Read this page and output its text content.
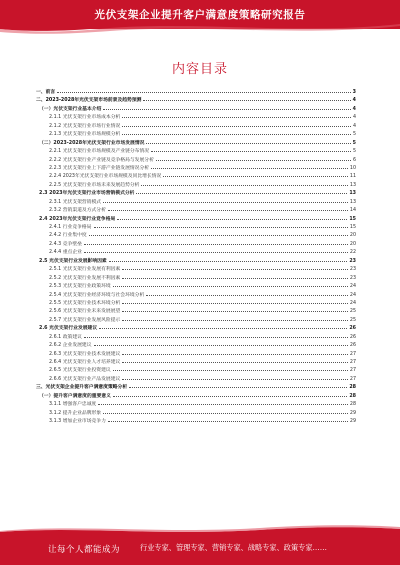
光伏支架企业提升客户满意度策略研究报告
内容目录
一、前言	3
二、2023-2028年光伏支架市场前景及趋势预测	4
（一）光伏支架行业基本介绍	4
2.1.1 光伏支架行业市场成本分析	4
2.1.2 光伏支架行业市场行业情况	4
2.1.3 光伏支架行业市场规模分析	5
（二）2023-2028年光伏支架行业市场发展情况	5
2.2.1 光伏支架行业市场规模及产业链分布情况	5
2.2.2 光伏支架行业产业链及竞争格局与发展分析	6
2.2.3 光伏支架行业上下游产业链发展情况分析	10
2.2.4 2023年光伏支架行业市场规模及同比增长情况	11
2.2.5 光伏支架行业市场未来发展趋势分析	13
2.3 2023年光伏支架行业市场营销模式分析	13
2.3.1 光伏支架营销模式	13
2.3.2 营销渠道及方式分析	14
2.4 2023年光伏支架行业竞争格局	15
2.4.1 行业竞争格局	15
2.4.2 行业集中度	20
2.4.3 竞争壁垒	20
2.4.4 重点企业	22
2.5 光伏支架行业发展影响因素	23
2.5.1 光伏支架行业发展有利因素	23
2.5.2 光伏支架行业发展不利因素	23
2.5.3 光伏支架行业政策环境	24
2.5.4 光伏支架行业经济环境与社会环境分析	24
2.5.5 光伏支架行业技术环境分析	24
2.5.6 光伏支架行业未来发展展望	25
2.5.7 光伏支架行业发展风险提示	25
2.6 光伏支架行业发展建议	26
2.6.1 政策建议	26
2.6.2 企业发展建议	26
2.6.3 光伏支架行业技术发展建议	27
2.6.4 光伏支架行业人才培养建议	27
2.6.5 光伏支架行业投资建议	27
2.6.6 光伏支架行业产品发展建议	27
三、光伏支架企业提升客户满意度策略分析	28
（一）提升客户满意度的重要意义	28
3.1.1 增强客户忠诚度	28
3.1.2 提升企业品牌形象	29
3.1.3 增加企业市场竞争力	29
让每个人都能成为	行业专家、管理专家、营销专家、战略专家、政策专家……
